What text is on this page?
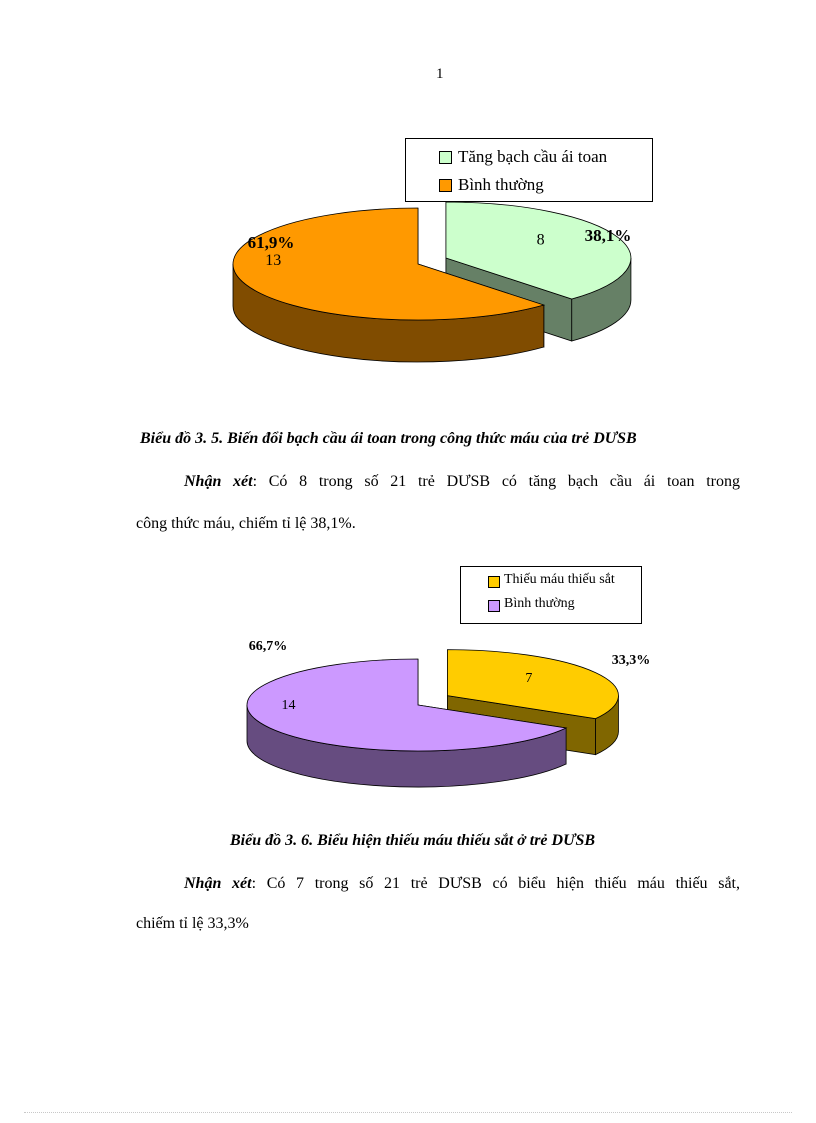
1
Tăng bạch cầu ái toan
Bình thường
8 38,1%
13
61,9%
Biểu đồ 3. 5. Biến đổi bạch cầu ái toan trong công thức máu của trẻ DƯSB
Nhận xét: Có 8 trong số 21 trẻ DƯSB có tăng bạch cầu ái toan trong
công thức máu, chiếm tỉ lệ 38,1%.
Thiếu máu thiếu sắt
Bình thường
7
33,3%
14
66,7%
Biểu đồ 3. 6. Biểu hiện thiếu máu thiếu sắt ở trẻ DƯSB
Nhận xét: Có 7 trong số 21 trẻ DƯSB có biểu hiện thiếu máu thiếu sắt,
chiếm tỉ lệ 33,3%
